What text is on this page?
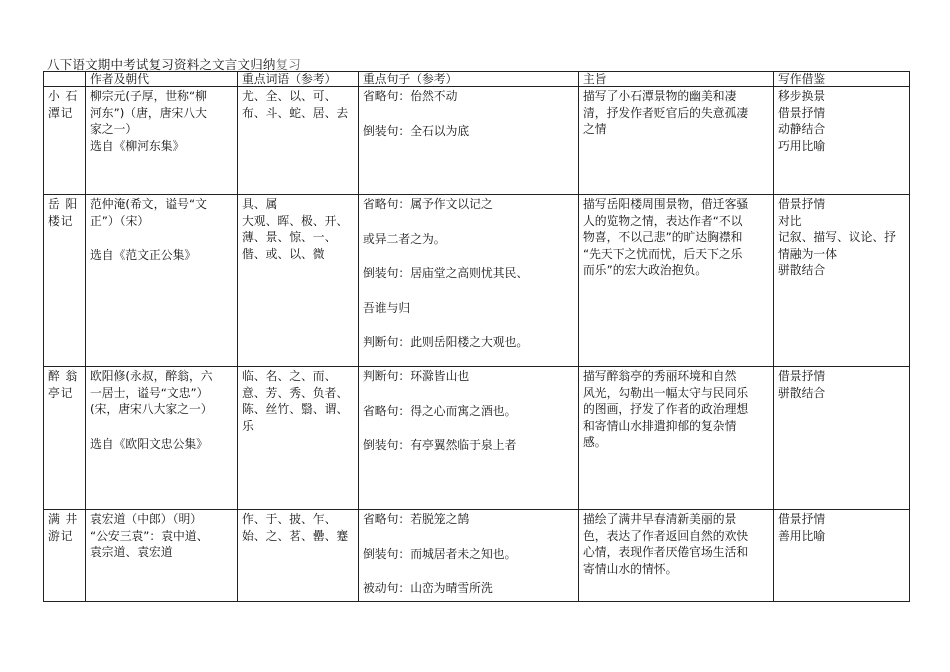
八下语文期中考试复习资料之文言文归纳复习
	作者及朝代	重点词语（参考）	重点句子（参考）	主旨	写作借鉴

小 石
潭记	柳宗元(子厚，世称“柳
河东”)（唐，唐宋八大
家之一）
选自《柳河东集》	尤、全、以、可、
布、斗、蛇、居、去	省略句：佁然不动
倒装句：全石以为底	描写了小石潭景物的幽美和凄
清，抒发作者贬官后的失意孤凄
之情	移步换景
借景抒情
动静结合
巧用比喻

岳 阳
楼记	范仲淹(希文，谥号“文
正”）（宋）
选自《范文正公集》	具、属
大观、晖、极、开、
薄、景、惊、一、
偕、或、以、微	省略句：属予作文以记之
或异二者之为。
倒装句：居庙堂之高则忧其民、
吾谁与归
判断句：此则岳阳楼之大观也。	描写岳阳楼周围景物，借迁客骚
人的览物之情，表达作者“不以
物喜，不以己悲”的旷达胸襟和
“先天下之忧而忧，后天下之乐
而乐”的宏大政治抱负。	借景抒情
对比
记叙、描写、议论、抒
情融为一体
骈散结合

醉 翁
亭记	欧阳修(永叔，醉翁，六
一居士，谥号“文忠”）
(宋，唐宋八大家之一）
选自《欧阳文忠公集》	临、名、之、而、
意、芳、秀、负者、
陈、丝竹、翳、谓、
乐	判断句：环滁皆山也
省略句：得之心而寓之酒也。
倒装句：有亭翼然临于泉上者	描写醉翁亭的秀丽环境和自然
风光，勾勒出一幅太守与民同乐
的图画，抒发了作者的政治理想
和寄情山水排遣抑郁的复杂情
感。	借景抒情
骈散结合

满 井
游记	袁宏道（中郎）（明）
“公安三袁”：袁中道、
袁宗道、袁宏道	作、于、披、乍、
始、之、茗、罍、蹇	省略句：若脱笼之鹄
倒装句：而城居者未之知也。
被动句：山峦为晴雪所洗	描绘了满井早春清新美丽的景
色，表达了作者返回自然的欢快
心情，表现作者厌倦官场生活和
寄情山水的情怀。	借景抒情
善用比喻
